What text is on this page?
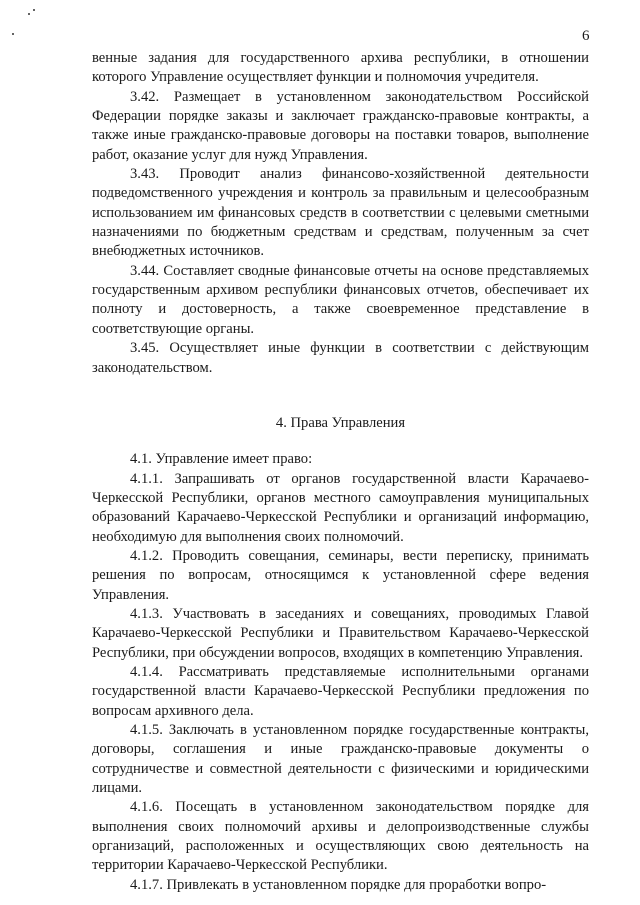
6

венные задания для государственного архива республики, в отношении которого Управление осуществляет функции и полномочия учредителя.

3.42. Размещает в установленном законодательством Российской Федерации порядке заказы и заключает гражданско-правовые контракты, а также иные гражданско-правовые договоры на поставки товаров, выполнение работ, оказание услуг для нужд Управления.

3.43. Проводит анализ финансово-хозяйственной деятельности подведомственного учреждения и контроль за правильным и целесообразным использованием им финансовых средств в соответствии с целевыми сметными назначениями по бюджетным средствам и средствам, полученным за счет внебюджетных источников.

3.44. Составляет сводные финансовые отчеты на основе представляемых государственным архивом республики финансовых отчетов, обеспечивает их полноту и достоверность, а также своевременное представление в соответствующие органы.

3.45. Осуществляет иные функции в соответствии с действующим законодательством.

4. Права Управления

4.1. Управление имеет право:

4.1.1. Запрашивать от органов государственной власти Карачаево-Черкесской Республики, органов местного самоуправления муниципальных образований Карачаево-Черкесской Республики и организаций информацию, необходимую для выполнения своих полномочий.

4.1.2. Проводить совещания, семинары, вести переписку, принимать решения по вопросам, относящимся к установленной сфере ведения Управления.

4.1.3. Участвовать в заседаниях и совещаниях, проводимых Главой Карачаево-Черкесской Республики и Правительством Карачаево-Черкесской Республики, при обсуждении вопросов, входящих в компетенцию Управления.

4.1.4. Рассматривать представляемые исполнительными органами государственной власти Карачаево-Черкесской Республики предложения по вопросам архивного дела.

4.1.5. Заключать в установленном порядке государственные контракты, договоры, соглашения и иные гражданско-правовые документы о сотрудничестве и совместной деятельности с физическими и юридическими лицами.

4.1.6. Посещать в установленном законодательством порядке для выполнения своих полномочий архивы и делопроизводственные службы организаций, расположенных и осуществляющих свою деятельность на территории Карачаево-Черкесской Республики.

4.1.7. Привлекать в установленном порядке для проработки вопро-
